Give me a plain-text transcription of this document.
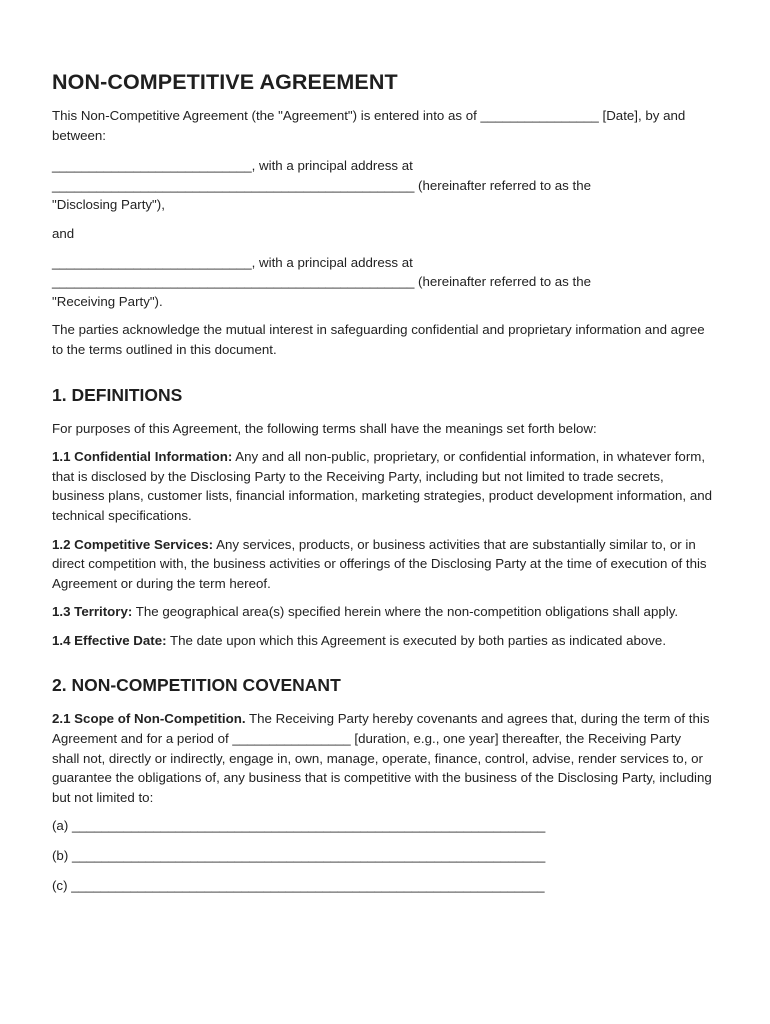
NON-COMPETITIVE AGREEMENT

This Non-Competitive Agreement (the "Agreement") is entered into as of ________________ [Date], by and between:

___________________________, with a principal address at
_________________________________________________ (hereinafter referred to as the
"Disclosing Party"),

and

___________________________, with a principal address at
_________________________________________________ (hereinafter referred to as the
"Receiving Party").

The parties acknowledge the mutual interest in safeguarding confidential and proprietary information and agree to the terms outlined in this document.

1. DEFINITIONS

For purposes of this Agreement, the following terms shall have the meanings set forth below:

1.1 Confidential Information: Any and all non-public, proprietary, or confidential information, in whatever form, that is disclosed by the Disclosing Party to the Receiving Party, including but not limited to trade secrets, business plans, customer lists, financial information, marketing strategies, product development information, and technical specifications.

1.2 Competitive Services: Any services, products, or business activities that are substantially similar to, or in direct competition with, the business activities or offerings of the Disclosing Party at the time of execution of this Agreement or during the term hereof.

1.3 Territory: The geographical area(s) specified herein where the non-competition obligations shall apply.

1.4 Effective Date: The date upon which this Agreement is executed by both parties as indicated above.

2. NON-COMPETITION COVENANT

2.1 Scope of Non-Competition. The Receiving Party hereby covenants and agrees that, during the term of this Agreement and for a period of ________________ [duration, e.g., one year] thereafter, the Receiving Party shall not, directly or indirectly, engage in, own, manage, operate, finance, control, advise, render services to, or guarantee the obligations of, any business that is competitive with the business of the Disclosing Party, including but not limited to:

(a) ________________________________________________________________

(b) ________________________________________________________________

(c) ________________________________________________________________
